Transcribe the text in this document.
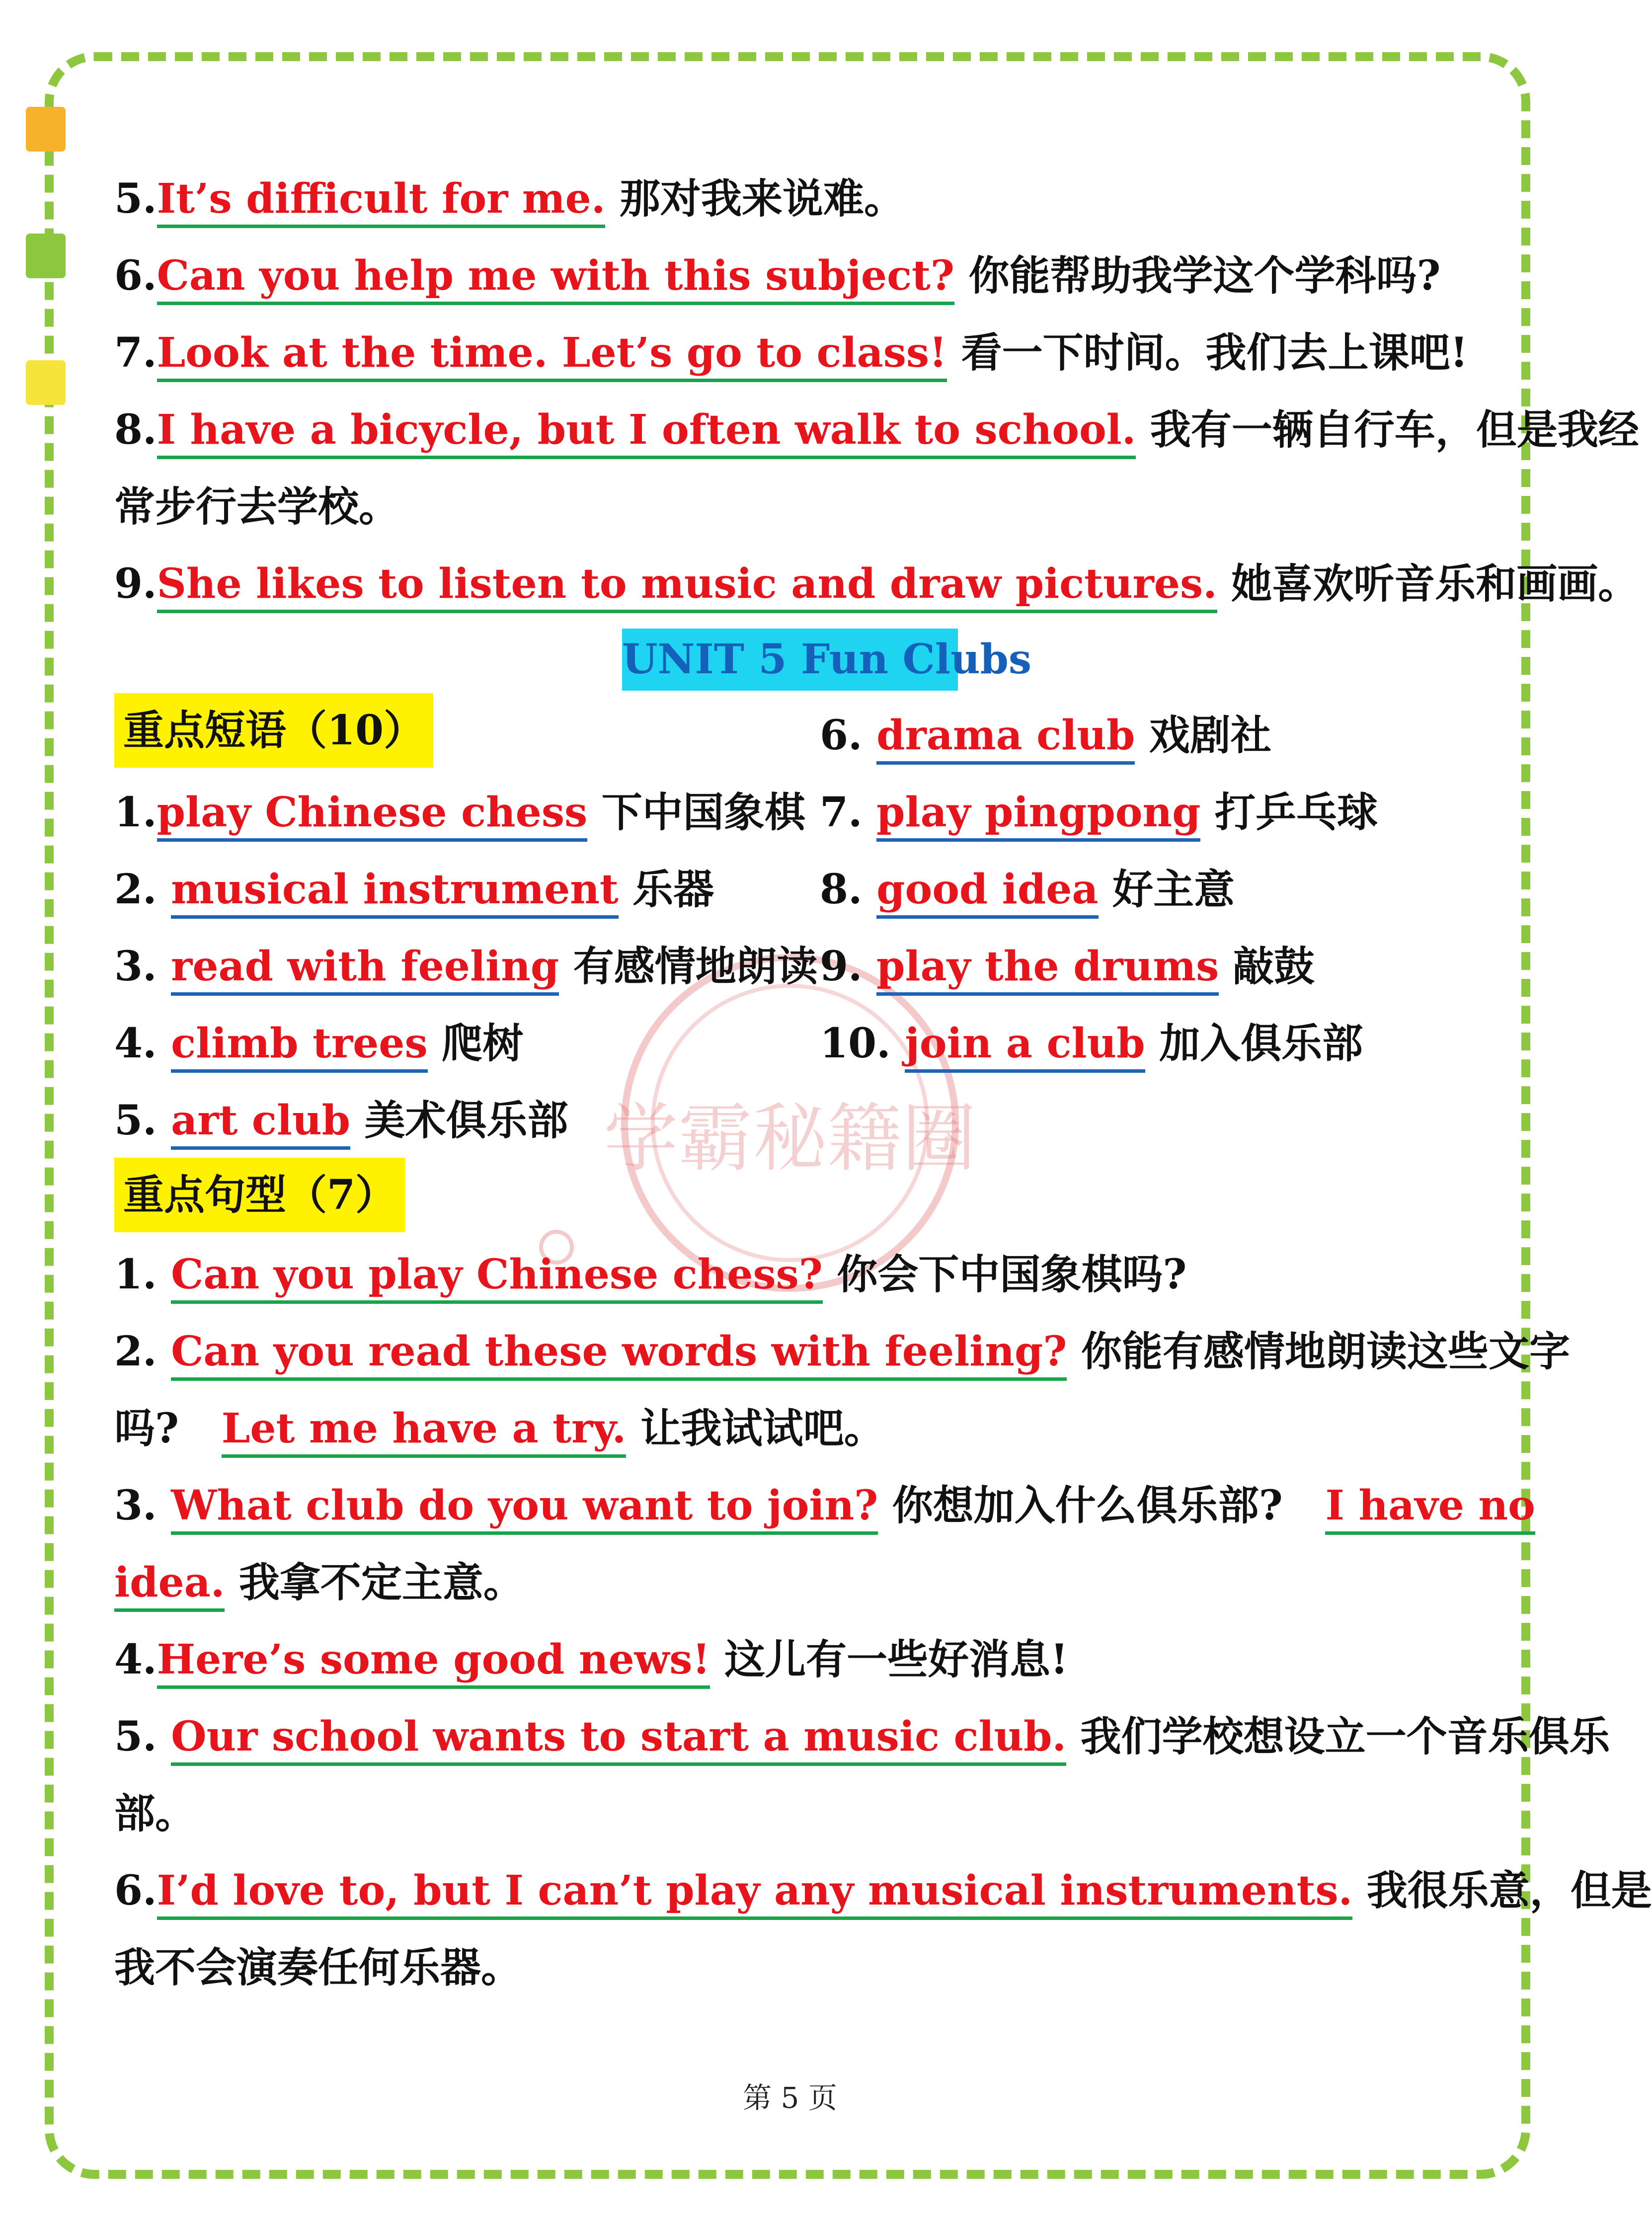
学霸秘籍圈
5.It’s difficult for me. 那对我来说难。
6.Can you help me with this subject? 你能帮助我学这个学科吗?
7.Look at the time. Let’s go to class! 看一下时间。我们去上课吧!
8.I have a bicycle, but I often walk to school. 我有一辆自行车，但是我经
常步行去学校。
9.She likes to listen to music and draw pictures. 她喜欢听音乐和画画。
UNIT 5 Fun Clubs
重点短语（10）
1.play Chinese chess 下中国象棋
2. musical instrument 乐器
3. read with feeling 有感情地朗读
4. climb trees 爬树
5. art club 美术俱乐部
6. drama club 戏剧社
7. play pingpong 打乒乓球
8. good idea 好主意
9. play the drums 敲鼓
10. join a club 加入俱乐部
重点句型（7）
1. Can you play Chinese chess? 你会下中国象棋吗?
2. Can you read these words with feeling? 你能有感情地朗读这些文字
吗? Let me have a try. 让我试试吧。
3. What club do you want to join? 你想加入什么俱乐部? I have no
idea. 我拿不定主意。
4.Here’s some good news! 这儿有一些好消息!
5. Our school wants to start a music club. 我们学校想设立一个音乐俱乐
部。
6.I’d love to, but I can’t play any musical instruments. 我很乐意，但是
我不会演奏任何乐器。
第 5 页
